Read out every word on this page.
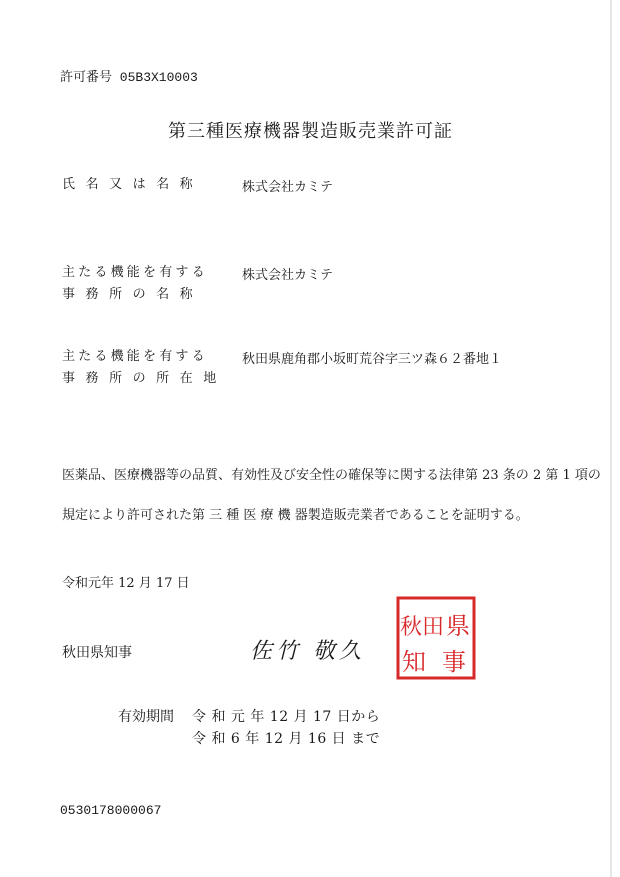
許可番号 05B3X10003
第三種医療機器製造販売業許可証
氏 名 又 は 名 称	株式会社カミテ
主たる機能を有する
事 務 所 の 名 称
株式会社カミテ
主たる機能を有する
事 務 所 の 所 在 地
秋田県鹿角郡小坂町荒谷字三ツ森６２番地１
医薬品、医療機器等の品質、有効性及び安全性の確保等に関する法律第 23 条の 2 第 1 項の
規定により許可された第 三 種 医 療 機 器製造販売業者であることを証明する。
令和元年 12 月 17 日
秋田県知事	佐竹 敬久
秋田 県
知 事
有効期間 令 和 元 年 12 月 17 日から
令 和 6 年 12 月 16 日 まで
0530178000067
